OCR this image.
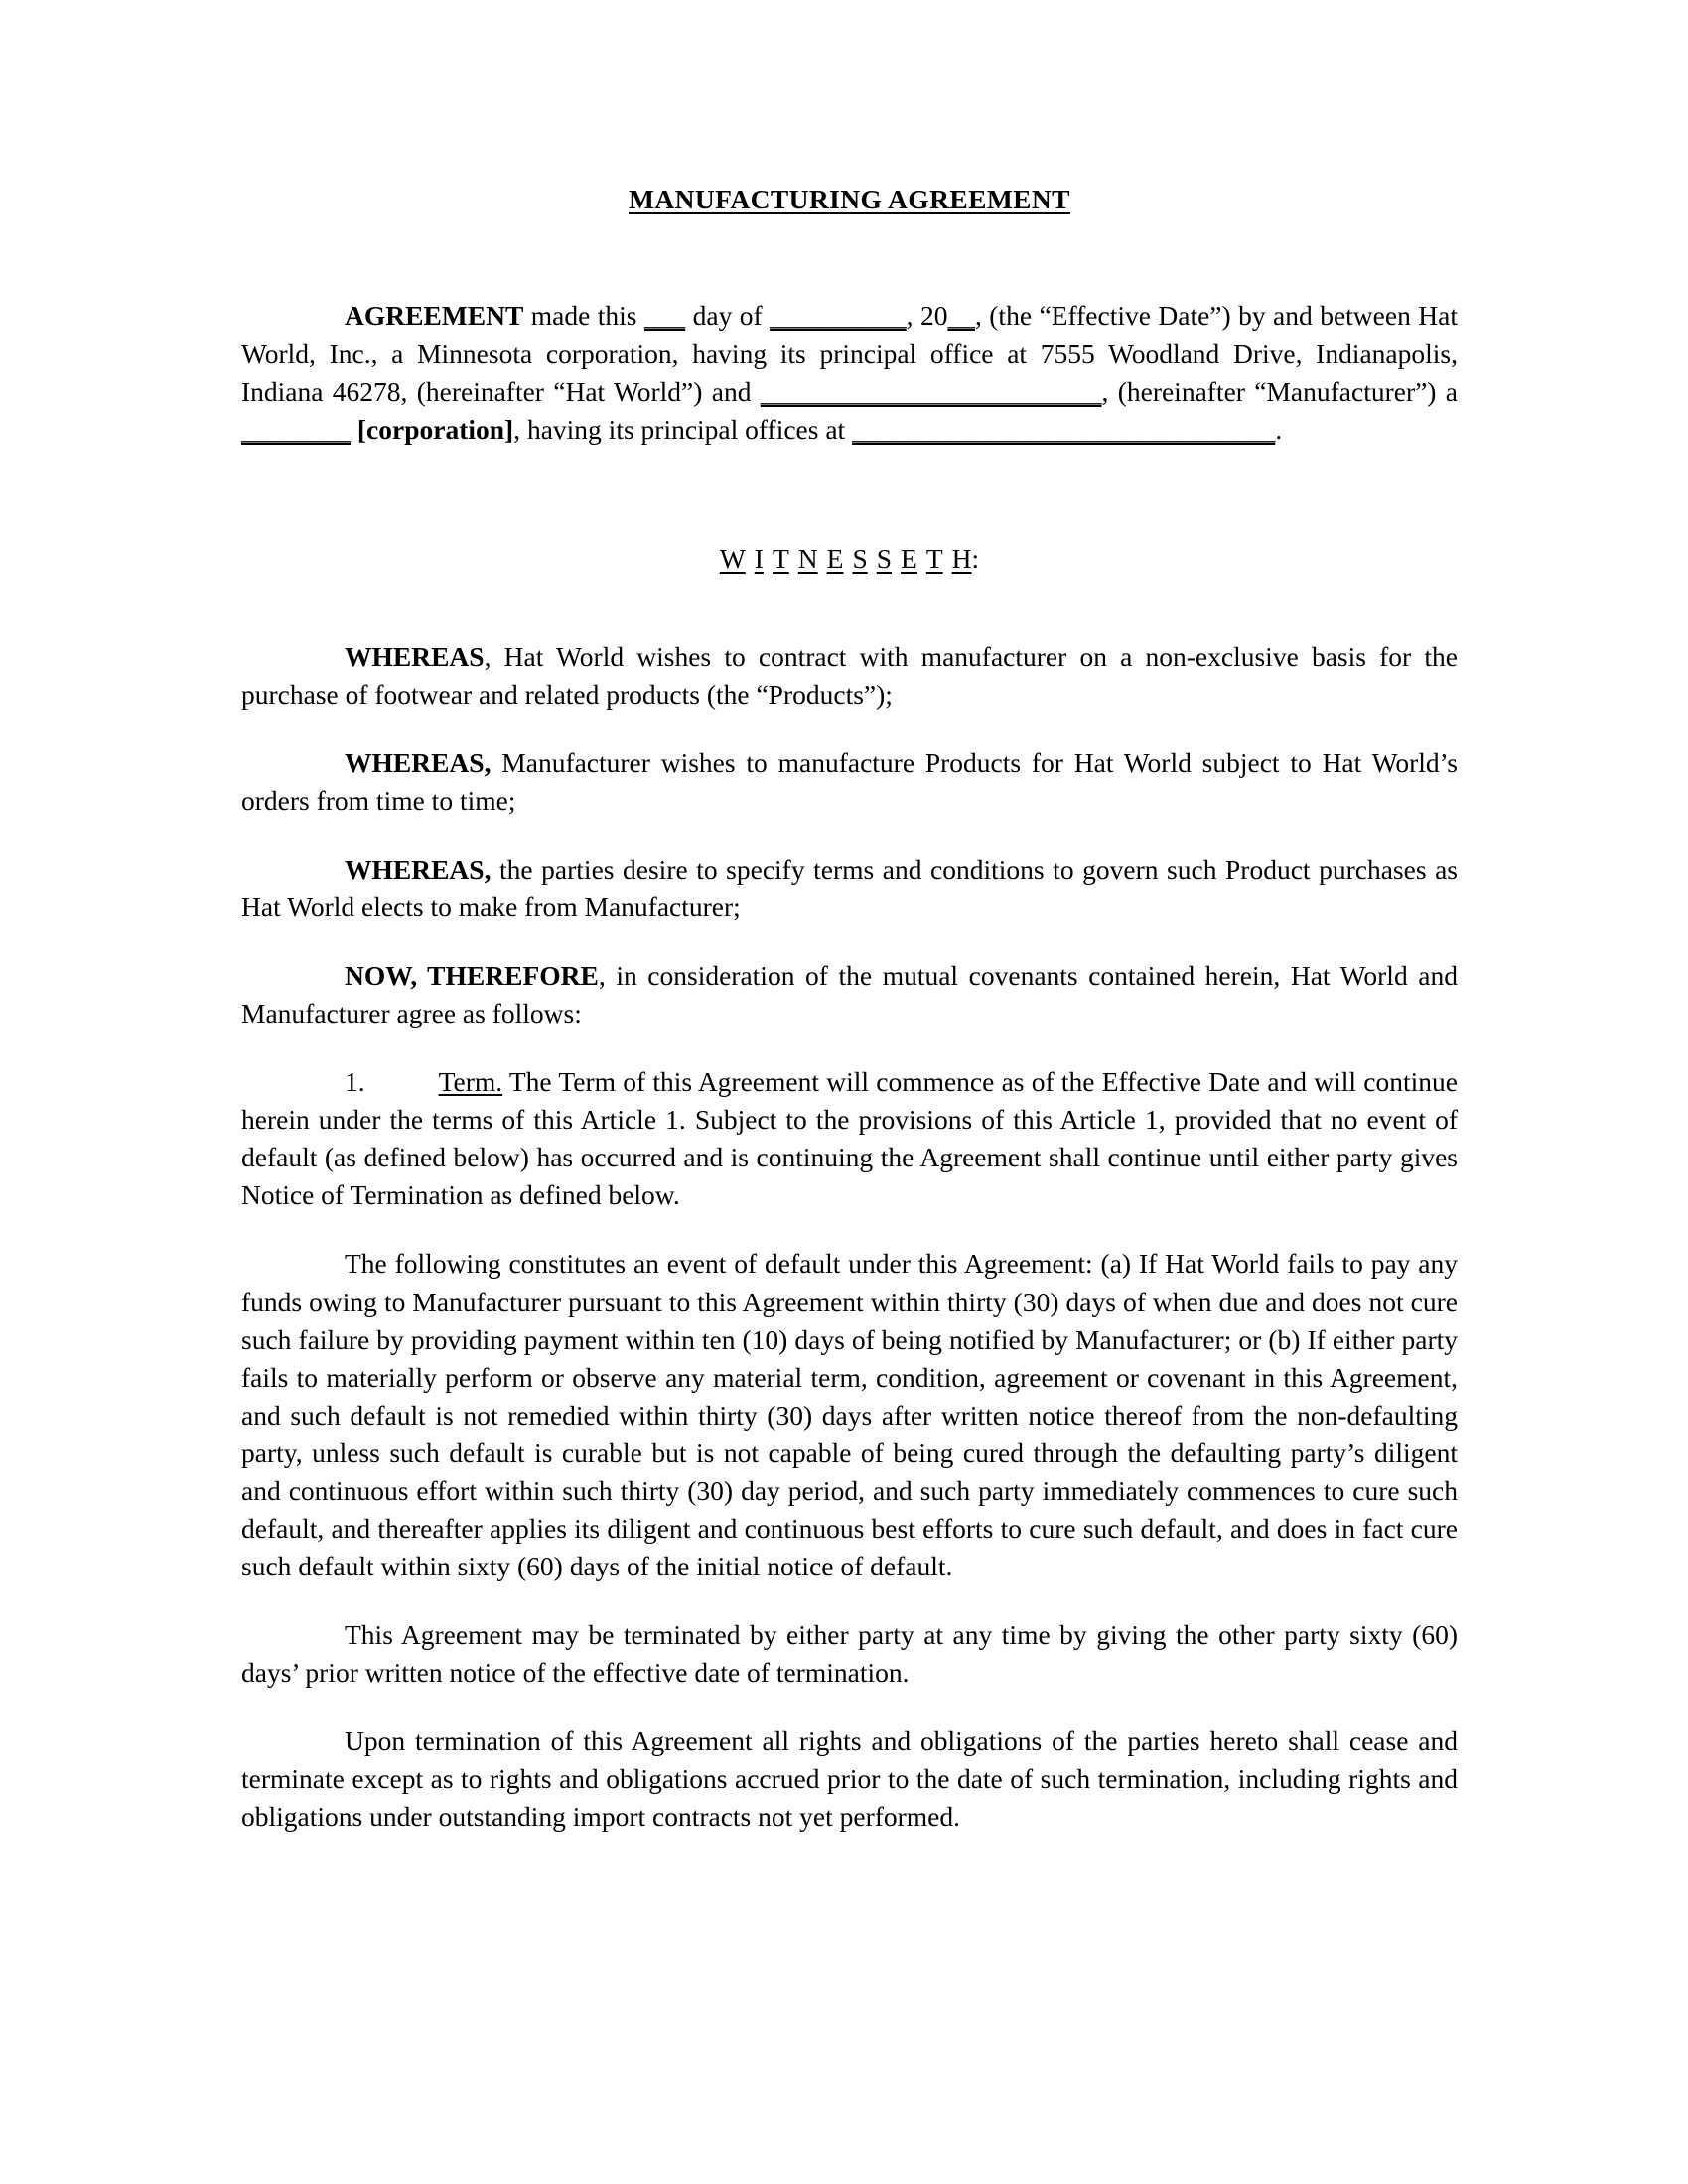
MANUFACTURING AGREEMENT

AGREEMENT made this ___ day of __________, 20__, (the “Effective Date”) by and between Hat World, Inc., a Minnesota corporation, having its principal office at 7555 Woodland Drive, Indianapolis, Indiana 46278, (hereinafter “Hat World”) and _________________________, (hereinafter “Manufacturer”) a ________ [corporation], having its principal offices at _______________________________.

W I T N E S S E T H:

WHEREAS, Hat World wishes to contract with manufacturer on a non-exclusive basis for the purchase of footwear and related products (the “Products”);

WHEREAS, Manufacturer wishes to manufacture Products for Hat World subject to Hat World’s orders from time to time;

WHEREAS, the parties desire to specify terms and conditions to govern such Product purchases as Hat World elects to make from Manufacturer;

NOW, THEREFORE, in consideration of the mutual covenants contained herein, Hat World and Manufacturer agree as follows:

1.	Term. The Term of this Agreement will commence as of the Effective Date and will continue herein under the terms of this Article 1. Subject to the provisions of this Article 1, provided that no event of default (as defined below) has occurred and is continuing the Agreement shall continue until either party gives Notice of Termination as defined below.

The following constitutes an event of default under this Agreement: (a) If Hat World fails to pay any funds owing to Manufacturer pursuant to this Agreement within thirty (30) days of when due and does not cure such failure by providing payment within ten (10) days of being notified by Manufacturer; or (b) If either party fails to materially perform or observe any material term, condition, agreement or covenant in this Agreement, and such default is not remedied within thirty (30) days after written notice thereof from the non-defaulting party, unless such default is curable but is not capable of being cured through the defaulting party’s diligent and continuous effort within such thirty (30) day period, and such party immediately commences to cure such default, and thereafter applies its diligent and continuous best efforts to cure such default, and does in fact cure such default within sixty (60) days of the initial notice of default.

This Agreement may be terminated by either party at any time by giving the other party sixty (60) days’ prior written notice of the effective date of termination.

Upon termination of this Agreement all rights and obligations of the parties hereto shall cease and terminate except as to rights and obligations accrued prior to the date of such termination, including rights and obligations under outstanding import contracts not yet performed.
